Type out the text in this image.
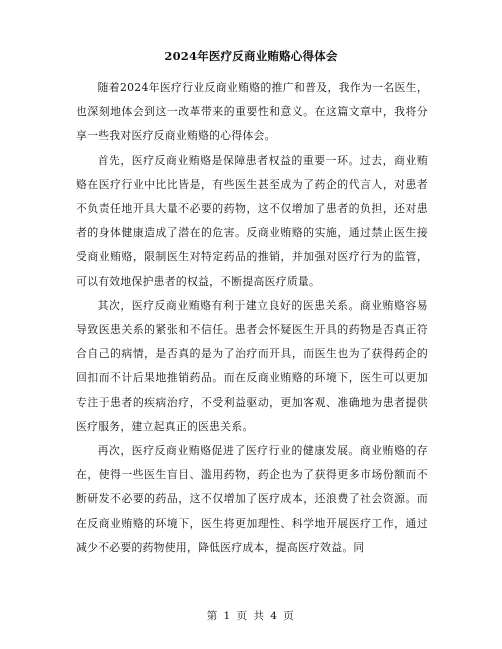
2024年医疗反商业贿赂心得体会

随着2024年医疗行业反商业贿赂的推广和普及，我作为一名医生，也深刻地体会到这一改革带来的重要性和意义。在这篇文章中，我将分享一些我对医疗反商业贿赂的心得体会。

首先，医疗反商业贿赂是保障患者权益的重要一环。过去，商业贿赂在医疗行业中比比皆是，有些医生甚至成为了药企的代言人，对患者不负责任地开具大量不必要的药物，这不仅增加了患者的负担，还对患者的身体健康造成了潜在的危害。反商业贿赂的实施，通过禁止医生接受商业贿赂，限制医生对特定药品的推销，并加强对医疗行为的监管，可以有效地保护患者的权益，不断提高医疗质量。

其次，医疗反商业贿赂有利于建立良好的医患关系。商业贿赂容易导致医患关系的紧张和不信任。患者会怀疑医生开具的药物是否真正符合自己的病情，是否真的是为了治疗而开具，而医生也为了获得药企的回扣而不计后果地推销药品。而在反商业贿赂的环境下，医生可以更加专注于患者的疾病治疗，不受利益驱动，更加客观、准确地为患者提供医疗服务，建立起真正的医患关系。

再次，医疗反商业贿赂促进了医疗行业的健康发展。商业贿赂的存在，使得一些医生盲目、滥用药物，药企也为了获得更多市场份额而不断研发不必要的药品，这不仅增加了医疗成本，还浪费了社会资源。而在反商业贿赂的环境下，医生将更加理性、科学地开展医疗工作，通过减少不必要的药物使用，降低医疗成本，提高医疗效益。同

第 1 页 共 4 页
